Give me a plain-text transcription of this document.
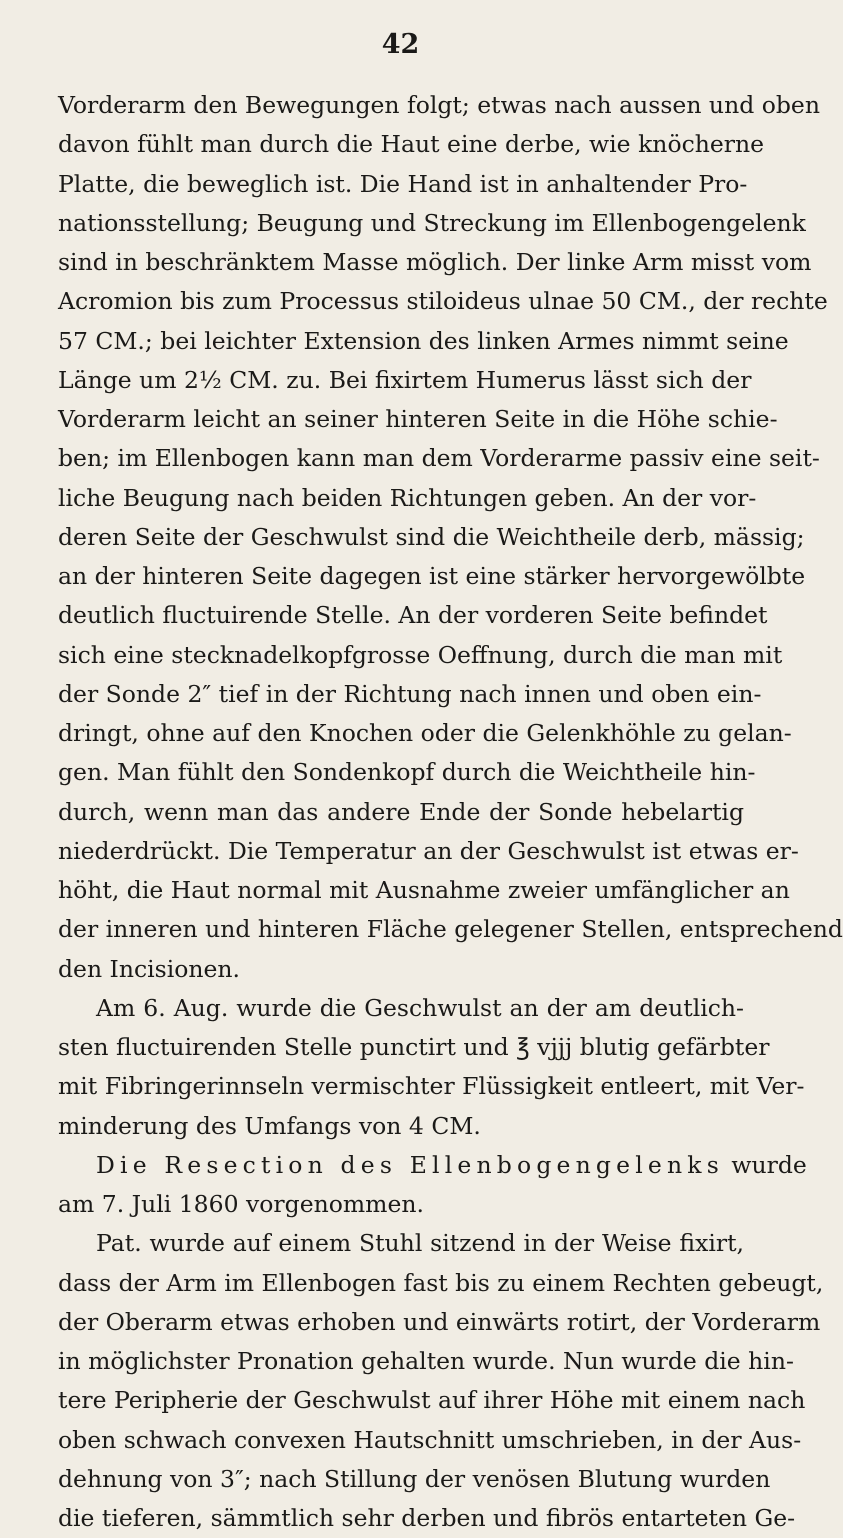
42
Vorderarm den Bewegungen folgt; etwas nach aussen und oben
davon fühlt man durch die Haut eine derbe, wie knöcherne
Platte, die beweglich ist. Die Hand ist in anhaltender Pro-
nationsstellung; Beugung und Streckung im Ellenbogengelenk
sind in beschränktem Masse möglich. Der linke Arm misst vom
Acromion bis zum Processus stiloideus ulnae 50 CM., der rechte
57 CM.; bei leichter Extension des linken Armes nimmt seine
Länge um 2½ CM. zu. Bei fixirtem Humerus lässt sich der
Vorderarm leicht an seiner hinteren Seite in die Höhe schie-
ben; im Ellenbogen kann man dem Vorderarme passiv eine seit-
liche Beugung nach beiden Richtungen geben. An der vor-
deren Seite der Geschwulst sind die Weichtheile derb, mässig;
an der hinteren Seite dagegen ist eine stärker hervorgewölbte
deutlich fluctuirende Stelle. An der vorderen Seite befindet
sich eine stecknadelkopfgrosse Oeffnung, durch die man mit
der Sonde 2″ tief in der Richtung nach innen und oben ein-
dringt, ohne auf den Knochen oder die Gelenkhöhle zu gelan-
gen. Man fühlt den Sondenkopf durch die Weichtheile hin-
durch, wenn man das andere Ende der Sonde hebelartig
niederdrückt. Die Temperatur an der Geschwulst ist etwas er-
höht, die Haut normal mit Ausnahme zweier umfänglicher an
der inneren und hinteren Fläche gelegener Stellen, entsprechend
den Incisionen.
Am 6. Aug. wurde die Geschwulst an der am deutlich-
sten fluctuirenden Stelle punctirt und ℥ vjjj blutig gefärbter
mit Fibringerinnseln vermischter Flüssigkeit entleert, mit Ver-
minderung des Umfangs von 4 CM.
Die Resection des Ellenbogengelenks wurde
am 7. Juli 1860 vorgenommen.
Pat. wurde auf einem Stuhl sitzend in der Weise fixirt,
dass der Arm im Ellenbogen fast bis zu einem Rechten gebeugt,
der Oberarm etwas erhoben und einwärts rotirt, der Vorderarm
in möglichster Pronation gehalten wurde. Nun wurde die hin-
tere Peripherie der Geschwulst auf ihrer Höhe mit einem nach
oben schwach convexen Hautschnitt umschrieben, in der Aus-
dehnung von 3″; nach Stillung der venösen Blutung wurden
die tieferen, sämmtlich sehr derben und fibrös entarteten Ge-
